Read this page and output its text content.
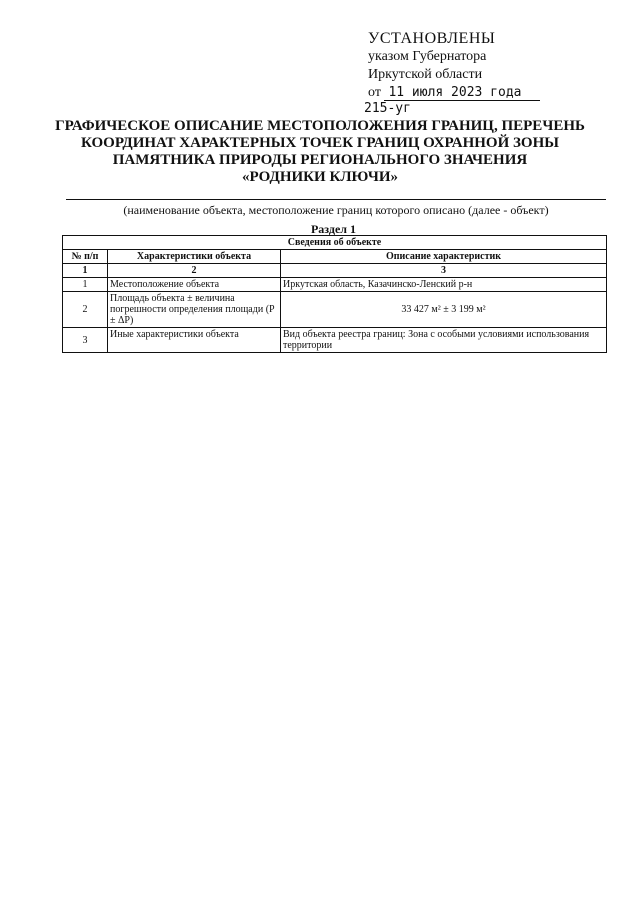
УСТАНОВЛЕНЫ
указом Губернатора
Иркутской области
от 11 июля 2023 года
215-уг
ГРАФИЧЕСКОЕ ОПИСАНИЕ МЕСТОПОЛОЖЕНИЯ ГРАНИЦ, ПЕРЕЧЕНЬ
КООРДИНАТ ХАРАКТЕРНЫХ ТОЧЕК ГРАНИЦ ОХРАННОЙ ЗОНЫ
ПАМЯТНИКА ПРИРОДЫ РЕГИОНАЛЬНОГО ЗНАЧЕНИЯ
«РОДНИКИ КЛЮЧИ»
(наименование объекта, местоположение границ которого описано (далее - объект)
Раздел 1
Сведения об объекте		
№ п/п	Характеристики объекта	Описание характеристик
1	2	3
1	Местоположение объекта	Иркутская область, Казачинско-Ленский р-н
2	Площадь объекта ± величина погрешности определения площади (P ± ΔP)	33 427 м² ± 3 199 м²
3	Иные характеристики объекта	Вид объекта реестра границ: Зона с особыми условиями использования территории
